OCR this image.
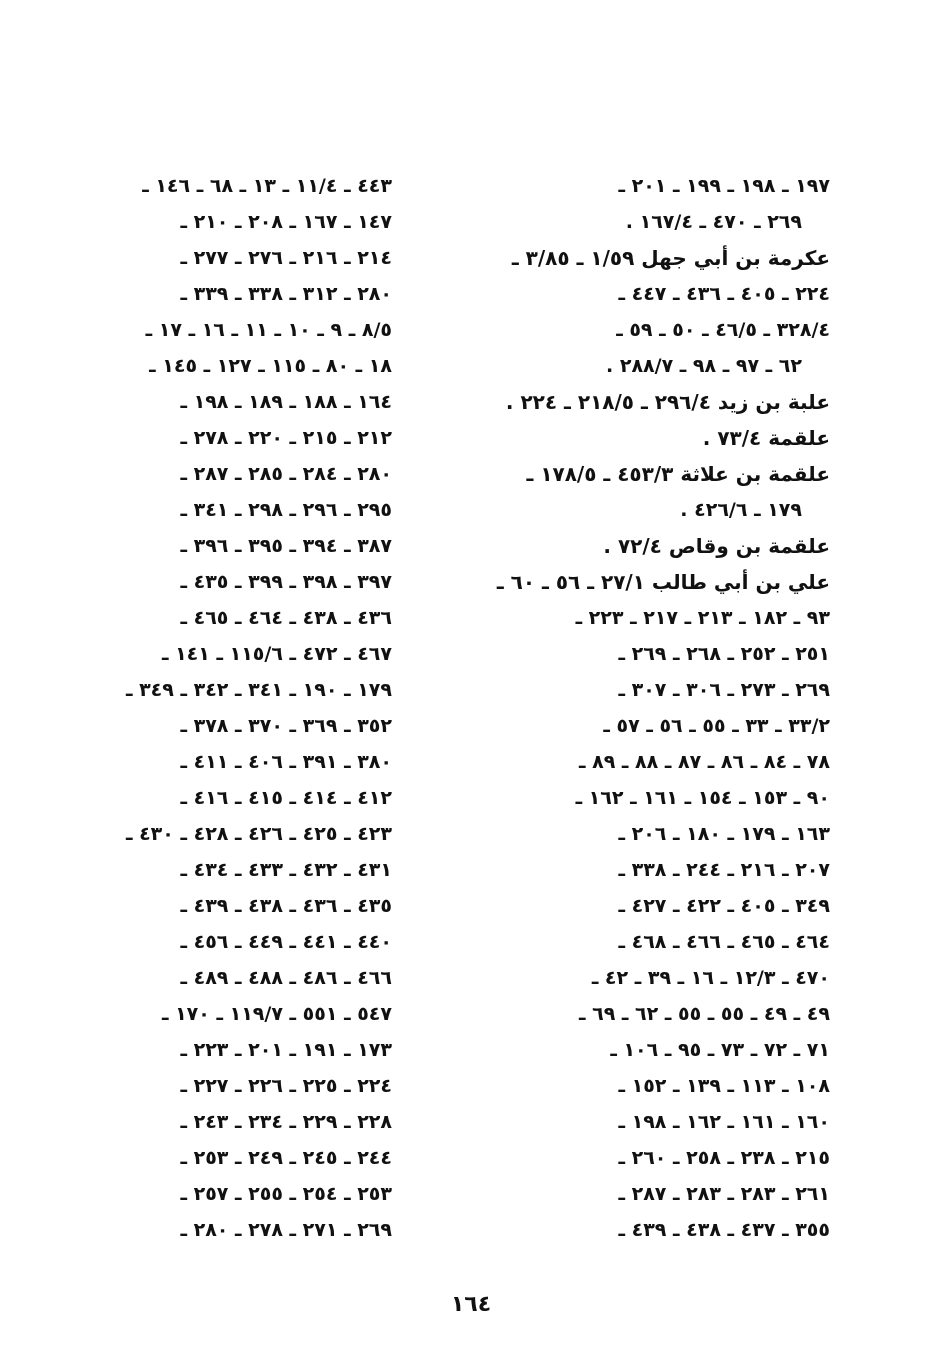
١٩٧ ـ ١٩٨ ـ ١٩٩ ـ ٢٠١ ـ
٢٦٩ ـ ٤٧٠ ـ ١٦٧/٤ .
عكرمة بن أبي جهل ١/٥٩ ـ ٣/٨٥ ـ
٢٢٤ ـ ٤٠٥ ـ ٤٣٦ ـ ٤٤٧ ـ
٣٢٨/٤ ـ ٤٦/٥ ـ ٥٠ ـ ٥٩ ـ
٦٢ ـ ٩٧ ـ ٩٨ ـ ٢٨٨/٧ .
علبة بن زيد ٢٩٦/٤ ـ ٢١٨/٥ ـ ٢٢٤ .
علقمة ٧٣/٤ .
علقمة بن علاثة ٤٥٣/٣ ـ ١٧٨/٥ ـ
١٧٩ ـ ٤٢٦/٦ .
علقمة بن وقاص ٧٢/٤ .
علي بن أبي طالب ٢٧/١ ـ ٥٦ ـ ٦٠ ـ
٩٣ ـ ١٨٢ ـ ٢١٣ ـ ٢١٧ ـ ٢٢٣ ـ
٢٥١ ـ ٢٥٢ ـ ٢٦٨ ـ ٢٦٩ ـ
٢٦٩ ـ ٢٧٣ ـ ٣٠٦ ـ ٣٠٧ ـ
٣٣/٢ ـ ٣٣ ـ ٥٥ ـ ٥٦ ـ ٥٧ ـ
٧٨ ـ ٨٤ ـ ٨٦ ـ ٨٧ ـ ٨٨ ـ ٨٩ ـ
٩٠ ـ ١٥٣ ـ ١٥٤ ـ ١٦١ ـ ١٦٢ ـ
١٦٣ ـ ١٧٩ ـ ١٨٠ ـ ٢٠٦ ـ
٢٠٧ ـ ٢١٦ ـ ٢٤٤ ـ ٣٣٨ ـ
٣٤٩ ـ ٤٠٥ ـ ٤٢٢ ـ ٤٢٧ ـ
٤٦٤ ـ ٤٦٥ ـ ٤٦٦ ـ ٤٦٨ ـ
٤٧٠ ـ ١٢/٣ ـ ١٦ ـ ٣٩ ـ ٤٢ ـ
٤٩ ـ ٤٩ ـ ٥٥ ـ ٥٥ ـ ٦٢ ـ ٦٩ ـ
٧١ ـ ٧٢ ـ ٧٣ ـ ٩٥ ـ ١٠٦ ـ
١٠٨ ـ ١١٣ ـ ١٣٩ ـ ١٥٢ ـ
١٦٠ ـ ١٦١ ـ ١٦٢ ـ ١٩٨ ـ
٢١٥ ـ ٢٣٨ ـ ٢٥٨ ـ ٢٦٠ ـ
٢٦١ ـ ٢٨٣ ـ ٢٨٣ ـ ٢٨٧ ـ
٣٥٥ ـ ٤٣٧ ـ ٤٣٨ ـ ٤٣٩ ـ
٤٤٣ ـ ١١/٤ ـ ١٣ ـ ٦٨ ـ ١٤٦ ـ
١٤٧ ـ ١٦٧ ـ ٢٠٨ ـ ٢١٠ ـ
٢١٤ ـ ٢١٦ ـ ٢٧٦ ـ ٢٧٧ ـ
٢٨٠ ـ ٣١٢ ـ ٣٣٨ ـ ٣٣٩ ـ
٨/٥ ـ ٩ ـ ١٠ ـ ١١ ـ ١٦ ـ ١٧ ـ
١٨ ـ ٨٠ ـ ١١٥ ـ ١٢٧ ـ ١٤٥ ـ
١٦٤ ـ ١٨٨ ـ ١٨٩ ـ ١٩٨ ـ
٢١٢ ـ ٢١٥ ـ ٢٢٠ ـ ٢٧٨ ـ
٢٨٠ ـ ٢٨٤ ـ ٢٨٥ ـ ٢٨٧ ـ
٢٩٥ ـ ٢٩٦ ـ ٢٩٨ ـ ٣٤١ ـ
٣٨٧ ـ ٣٩٤ ـ ٣٩٥ ـ ٣٩٦ ـ
٣٩٧ ـ ٣٩٨ ـ ٣٩٩ ـ ٤٣٥ ـ
٤٣٦ ـ ٤٣٨ ـ ٤٦٤ ـ ٤٦٥ ـ
٤٦٧ ـ ٤٧٢ ـ ١١٥/٦ ـ ١٤١ ـ
١٧٩ ـ ١٩٠ ـ ٣٤١ ـ ٣٤٢ ـ ٣٤٩ ـ
٣٥٢ ـ ٣٦٩ ـ ٣٧٠ ـ ٣٧٨ ـ
٣٨٠ ـ ٣٩١ ـ ٤٠٦ ـ ٤١١ ـ
٤١٢ ـ ٤١٤ ـ ٤١٥ ـ ٤١٦ ـ
٤٢٣ ـ ٤٢٥ ـ ٤٢٦ ـ ٤٢٨ ـ ٤٣٠ ـ
٤٣١ ـ ٤٣٢ ـ ٤٣٣ ـ ٤٣٤ ـ
٤٣٥ ـ ٤٣٦ ـ ٤٣٨ ـ ٤٣٩ ـ
٤٤٠ ـ ٤٤١ ـ ٤٤٩ ـ ٤٥٦ ـ
٤٦٦ ـ ٤٨٦ ـ ٤٨٨ ـ ٤٨٩ ـ
٥٤٧ ـ ٥٥١ ـ ١١٩/٧ ـ ١٧٠ ـ
١٧٣ ـ ١٩١ ـ ٢٠١ ـ ٢٢٣ ـ
٢٢٤ ـ ٢٢٥ ـ ٢٢٦ ـ ٢٢٧ ـ
٢٢٨ ـ ٢٢٩ ـ ٢٣٤ ـ ٢٤٣ ـ
٢٤٤ ـ ٢٤٥ ـ ٢٤٩ ـ ٢٥٣ ـ
٢٥٣ ـ ٢٥٤ ـ ٢٥٥ ـ ٢٥٧ ـ
٢٦٩ ـ ٢٧١ ـ ٢٧٨ ـ ٢٨٠ ـ
١٦٤
